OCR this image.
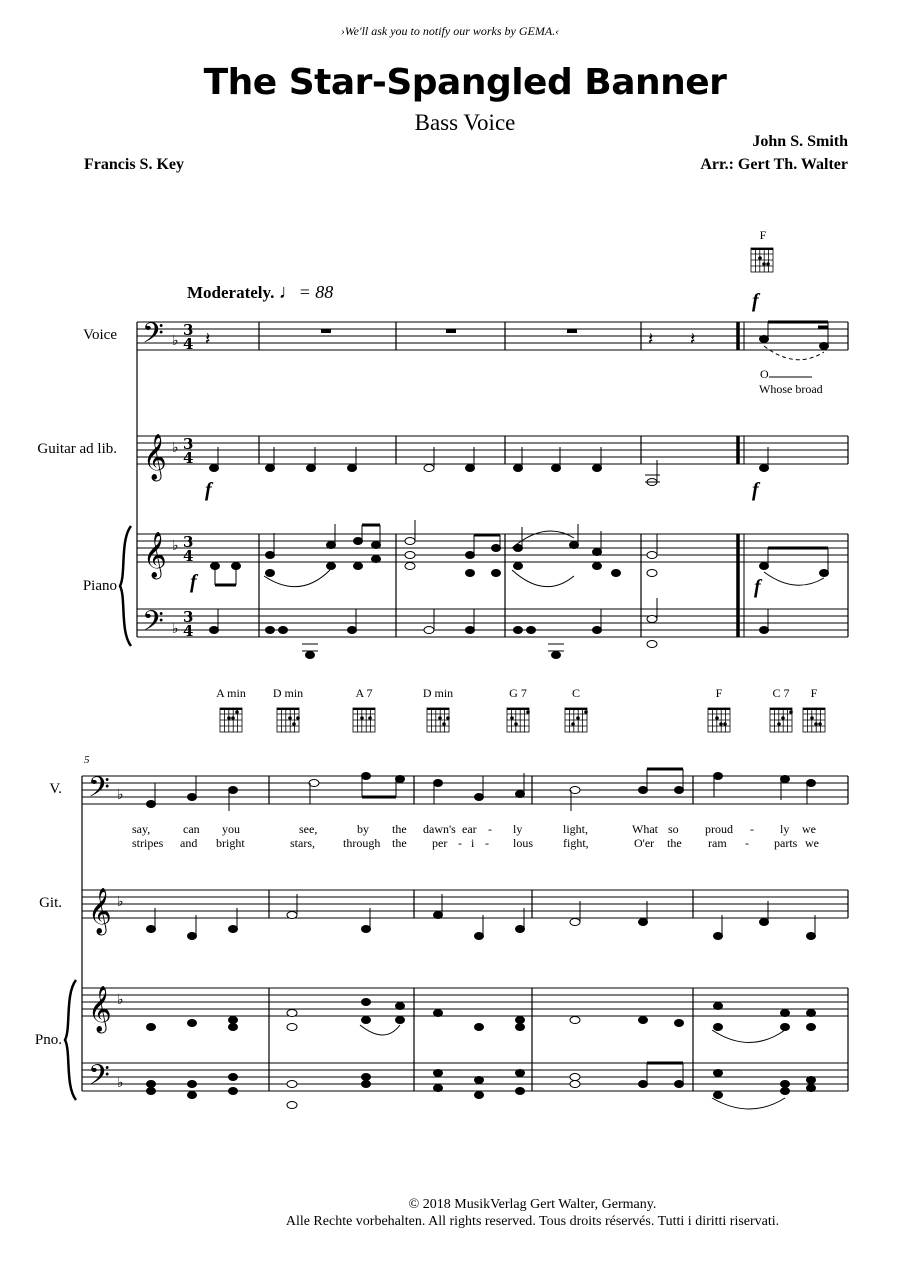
›We'll ask you to notify our works by GEMA.‹
The Star-Spangled Banner
Bass Voice
John S. Smith
Arr.: Gert Th. Walter
Francis S. Key
Moderately. ♩= 88
Voice
Guitar ad lib.
Piano
V.
Git.
Pno.
5
F
A min	D min	A 7	D min	G 7	C	F	C 7	F
f
f	f
f	f
O
Whose broad
say,	can you	see,	by the dawn's ear - ly	light,	What so proud - ly we
stripes and bright	stars, through the per - i - lous fight,	O'er the ram - parts we
© 2018 MusikVerlag Gert Walter, Germany.
Alle Rechte vorbehalten. All rights reserved. Tous droits réservés. Tutti i diritti riservati.
𝄢
𝄞
𝄞
𝄢
𝄢
𝄞
𝄞
𝄢
♭
♭
♭
♭
♭
♭
♭
♭
3
4
3
4
3
4
3
4
𝄽	𝄽 𝄽
